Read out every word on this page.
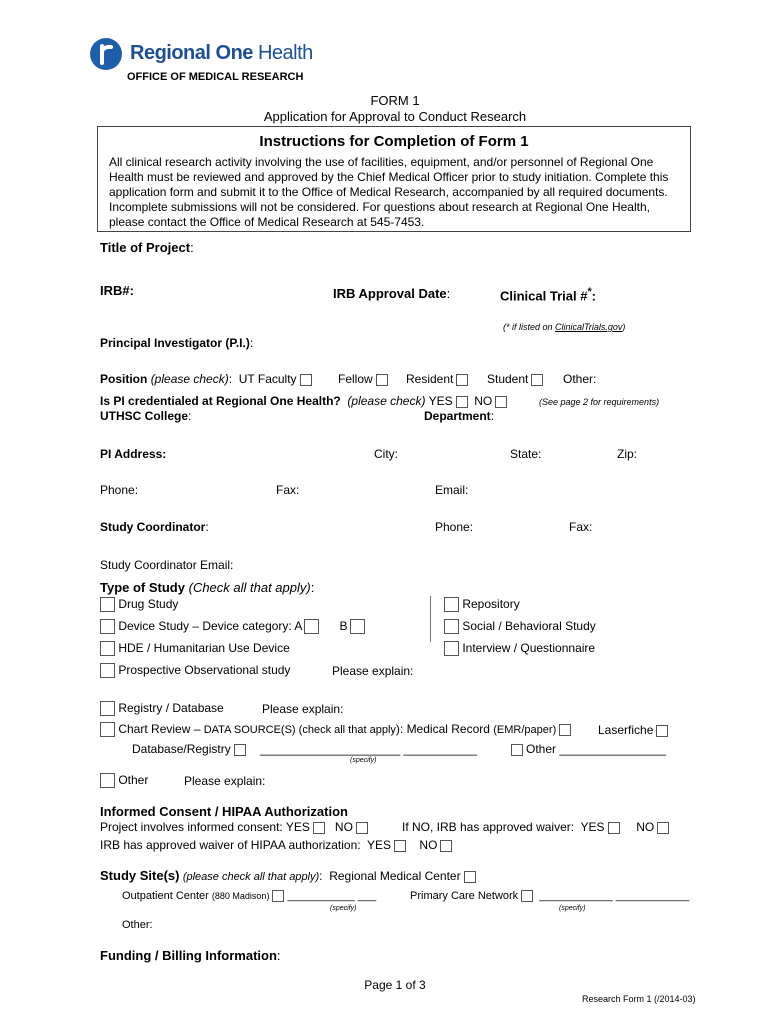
Regional One Health
OFFICE OF MEDICAL RESEARCH
FORM 1
Application for Approval to Conduct Research
Instructions for Completion of Form 1
All clinical research activity involving the use of facilities, equipment, and/or personnel of Regional One Health must be reviewed and approved by the Chief Medical Officer prior to study initiation. Complete this application form and submit it to the Office of Medical Research, accompanied by all required documents. Incomplete submissions will not be considered. For questions about research at Regional One Health, please contact the Office of Medical Research at 545-7453.
Title of Project:
IRB#:	IRB Approval Date:	Clinical Trial #*:
(* if listed on ClinicalTrials.gov)
Principal Investigator (P.I.):
Position (please check):  UT Faculty	Fellow	Resident	Student	Other:
Is PI credentialed at Regional One Health? (please check) YES NO	(See page 2 for requirements)
UTHSC College:	Department:
PI Address:	City:	State:	Zip:
Phone:	Fax:	Email:
Study Coordinator:	Phone:	Fax:
Study Coordinator Email:
Type of Study (Check all that apply):
Drug Study
Device Study – Device category: A	B
HDE / Humanitarian Use Device
Prospective Observational study	Please explain:
Repository
Social / Behavioral Study
Interview / Questionnaire
Registry / Database	Please explain:
Chart Review – DATA SOURCE(S) (check all that apply): Medical Record (EMR/paper)	Laserfiche
Database/Registry	_____________________ ___________	Other ________________
(specify)
Other	Please explain:
Informed Consent / HIPAA Authorization
Project involves informed consent: YES NO	If NO, IRB has approved waiver: YES	NO
IRB has approved waiver of HIPAA authorization: YES NO
Study Site(s) (please check all that apply):  Regional Medical Center
Outpatient Center (880 Madison) ___________ ___	Primary Care Network ____________ ____________
(specify)	(specify)
Other:
Funding / Billing Information:
Page 1 of 3
Research Form 1 (/2014-03)
